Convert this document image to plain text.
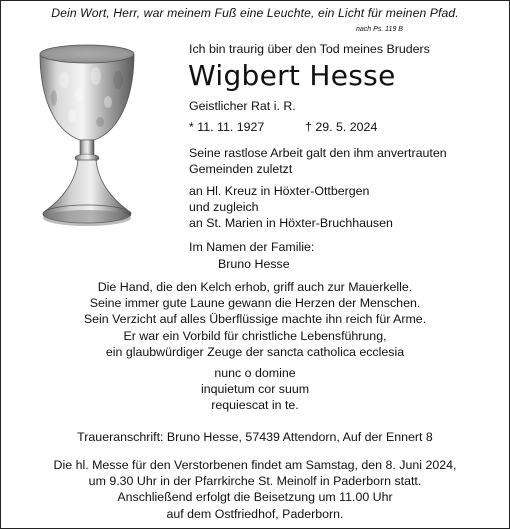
Dein Wort, Herr, war meinem Fuß eine Leuchte, ein Licht für meinen Pfad.
nach Ps. 119 B
Ich bin traurig über den Tod meines Bruders
Wigbert Hesse
Geistlicher Rat i. R.
* 11. 11. 1927	† 29. 5. 2024
Seine rastlose Arbeit galt den ihm anvertrauten
Gemeinden zuletzt
an Hl. Kreuz in Höxter-Ottbergen
und zugleich
an St. Marien in Höxter-Bruchhausen
Im Namen der Familie:
Bruno Hesse
Die Hand, die den Kelch erhob, griff auch zur Mauerkelle.
Seine immer gute Laune gewann die Herzen der Menschen.
Sein Verzicht auf alles Überflüssige machte ihn reich für Arme.
Er war ein Vorbild für christliche Lebensführung,
ein glaubwürdiger Zeuge der sancta catholica ecclesia
nunc o domine
inquietum cor suum
requiescat in te.
Traueranschrift: Bruno Hesse, 57439 Attendorn, Auf der Ennert 8
Die hl. Messe für den Verstorbenen findet am Samstag, den 8. Juni 2024,
um 9.30 Uhr in der Pfarrkirche St. Meinolf in Paderborn statt.
Anschließend erfolgt die Beisetzung um 11.00 Uhr
auf dem Ostfriedhof, Paderborn.
